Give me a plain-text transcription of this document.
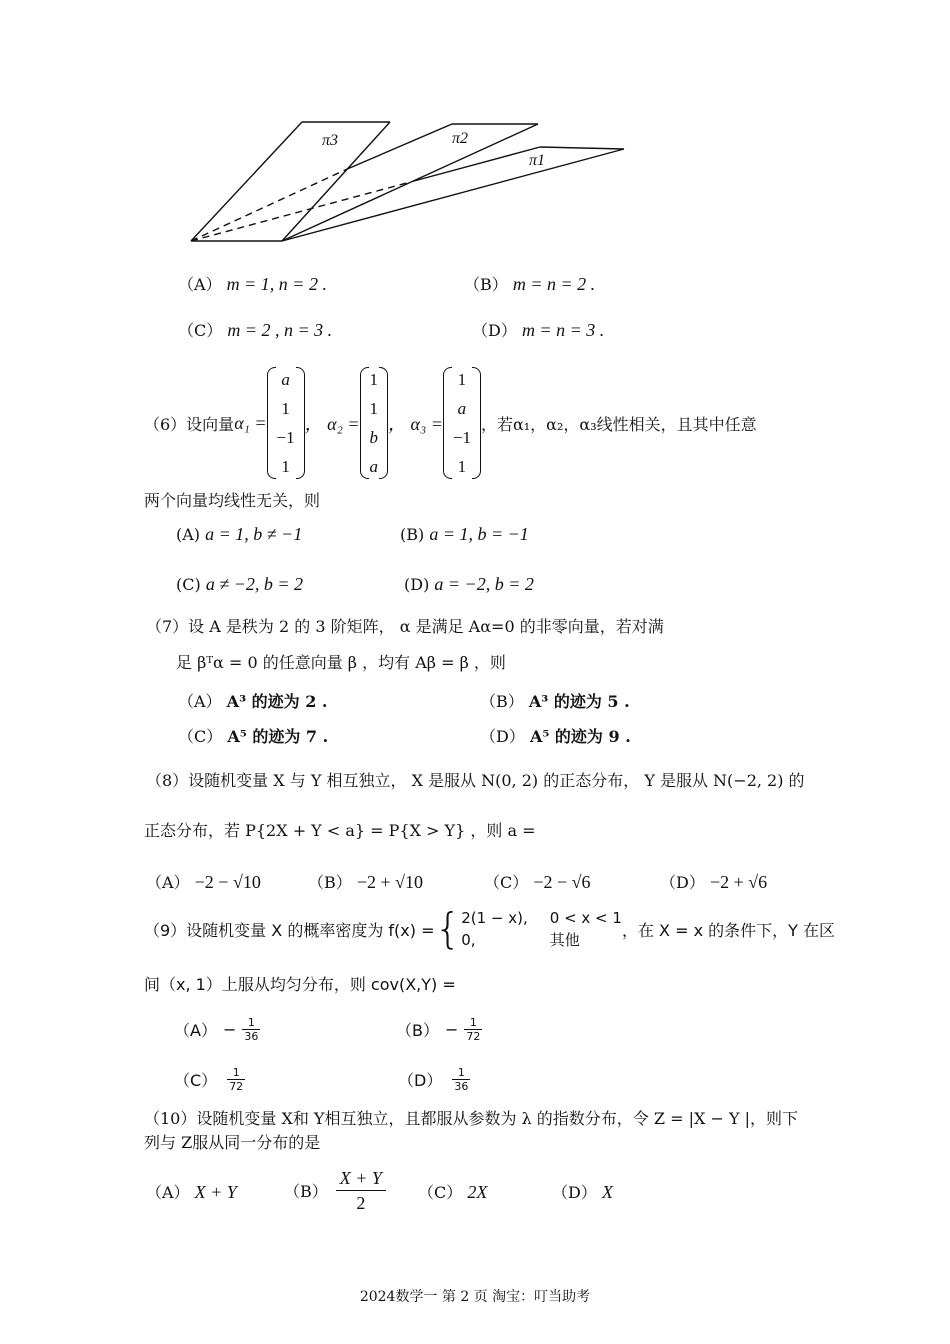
π3	π2
π1
（A） m = 1, n = 2 .	（B） m = n = 2 .
（C） m = 2 , n = 3 .	（D） m = n = 3 .
（6）设向量 α₁ =
a
1
−1
1
， α₂ =
1
1
b
a
， α₃ =
1
a
−1
1
，若α₁，α₂，α₃线性相关，且其中任意
两个向量均线性无关，则
(A) a = 1, b ≠ −1	(B) a = 1, b = −1
(C) a ≠ −2, b = 2	(D) a = −2, b = 2
（7）设 A 是秩为 2 的 3 阶矩阵， α 是满足 Aα=0 的非零向量，若对满
足 βᵀα = 0 的任意向量 β ，均有 Aβ = β ，则
（A） A³ 的迹为 2 .	（B） A³ 的迹为 5 .
（C） A⁵ 的迹为 7 .	（D） A⁵ 的迹为 9 .
（8）设随机变量 X 与 Y 相互独立， X 是服从 N(0, 2) 的正态分布， Y 是服从 N(−2, 2) 的
正态分布，若 P{2X + Y < a} = P{X > Y} ，则 a =
（A） −2 − √10	（B） −2 + √10	（C） −2 − √6	（D） −2 + √6
（9）设随机变量 X 的概率密度为 f(x) = { 2(1 − x), 0 < x < 1
0,	其他
，在 X = x 的条件下，Y 在区
间（x, 1）上服从均匀分布，则 cov(X,Y) =
$(A) - \frac{1}{36}$	$(B) - \frac{1}{72}$
$(C) \frac{1}{72}$	$(D) \frac{1}{36}$
（10）设随机变量 X和 Y相互独立，且都服从参数为 λ 的指数分布，令 Z = |X − Y |，则下
列与 Z服从同一分布的是
（A） X + Y	$(B) \frac{X + Y}{2} (C)$ 2X	（D） X
2024数学一 第 2 页 淘宝：叮当助考
